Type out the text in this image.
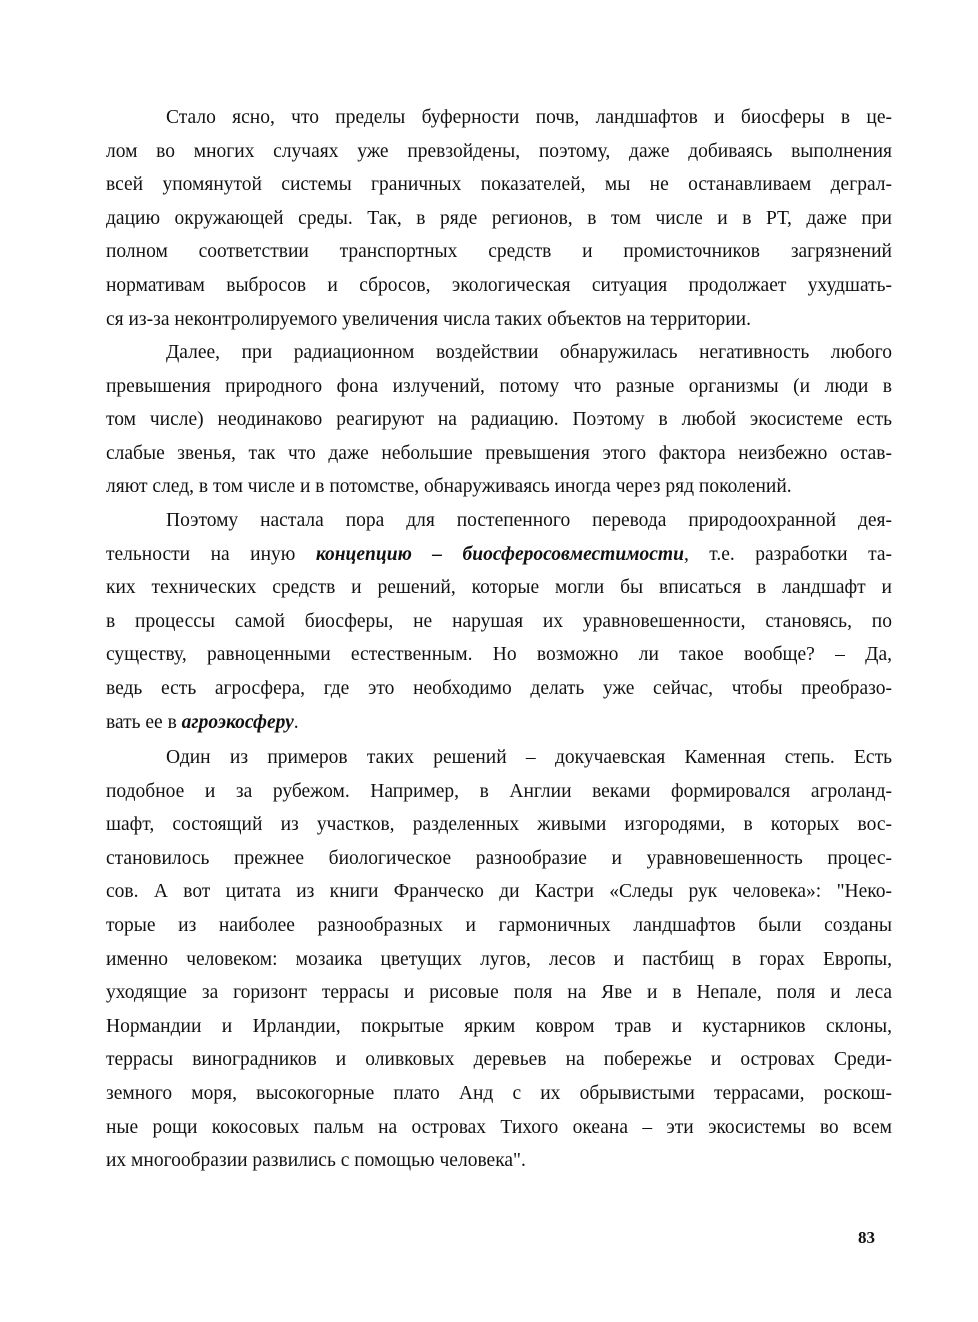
Стало ясно, что пределы буферности почв, ландшафтов и биосферы в це-
лом во многих случаях уже превзойдены, поэтому, даже добиваясь выполнения
всей упомянутой системы граничных показателей, мы не останавливаем деграл-
дацию окружающей среды. Так, в ряде регионов, в том числе и в РТ, даже при
полном соответствии транспортных средств и промисточников загрязнений
нормативам выбросов и сбросов, экологическая ситуация продолжает ухудшать-
ся из-за неконтролируемого увеличения числа таких объектов на территории.
Далее, при радиационном воздействии обнаружилась негативность любого
превышения природного фона излучений, потому что разные организмы (и люди в
том числе) неодинаково реагируют на радиацию. Поэтому в любой экосистеме есть
слабые звенья, так что даже небольшие превышения этого фактора неизбежно остав-
ляют след, в том числе и в потомстве, обнаруживаясь иногда через ряд поколений.
Поэтому настала пора для постепенного перевода природоохранной дея-
тельности на иную концепцию – биосферосовместимости, т.е. разработки та-
ких технических средств и решений, которые могли бы вписаться в ландшафт и
в процессы самой биосферы, не нарушая их уравновешенности, становясь, по
существу, равноценными естественным. Но возможно ли такое вообще? – Да,
ведь есть агросфера, где это необходимо делать уже сейчас, чтобы преобразо-
вать ее в агроэкосферу.
Один из примеров таких решений – докучаевская Каменная степь. Есть
подобное и за рубежом. Например, в Англии веками формировался агроланд-
шафт, состоящий из участков, разделенных живыми изгородями, в которых вос-
становилось прежнее биологическое разнообразие и уравновешенность процес-
сов. А вот цитата из книги Франческо ди Кастри «Следы рук человека»: "Неко-
торые из наиболее разнообразных и гармоничных ландшафтов были созданы
именно человеком: мозаика цветущих лугов, лесов и пастбищ в горах Европы,
уходящие за горизонт террасы и рисовые поля на Яве и в Непале, поля и леса
Нормандии и Ирландии, покрытые ярким ковром трав и кустарников склоны,
террасы виноградников и оливковых деревьев на побережье и островах Среди-
земного моря, высокогорные плато Анд с их обрывистыми террасами, роскош-
ные рощи кокосовых пальм на островах Тихого океана – эти экосистемы во всем
их многообразии развились с помощью человека".
83
